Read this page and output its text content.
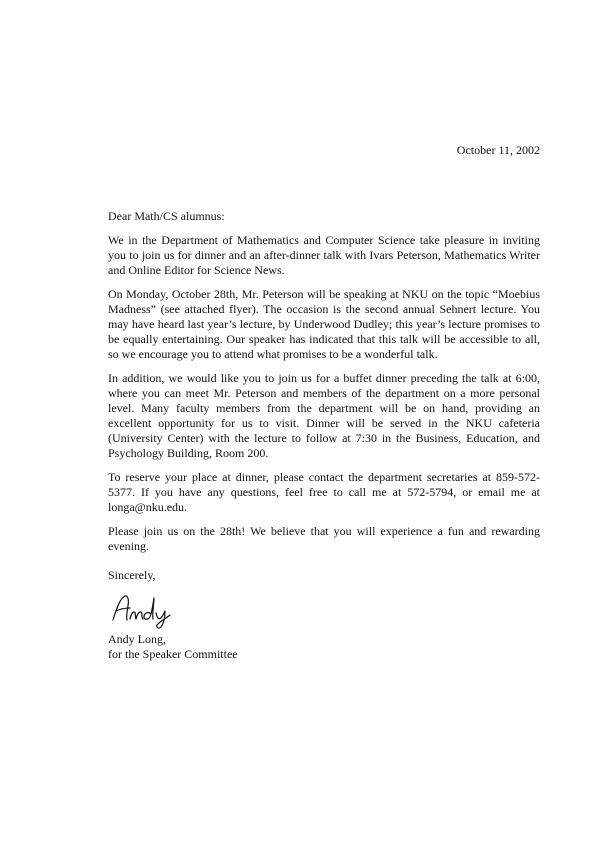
October 11, 2002

Dear Math/CS alumnus:

We in the Department of Mathematics and Computer Science take pleasure in inviting you to join us for dinner and an after-dinner talk with Ivars Peterson, Mathematics Writer and Online Editor for Science News.

On Monday, October 28th, Mr. Peterson will be speaking at NKU on the topic “Moebius Madness” (see attached flyer). The occasion is the second annual Sehnert lecture. You may have heard last year’s lecture, by Underwood Dudley; this year’s lecture promises to be equally entertaining. Our speaker has indicated that this talk will be accessible to all, so we encourage you to attend what promises to be a wonderful talk.

In addition, we would like you to join us for a buffet dinner preceding the talk at 6:00, where you can meet Mr. Peterson and members of the department on a more personal level. Many faculty members from the department will be on hand, providing an excellent opportunity for us to visit. Dinner will be served in the NKU cafeteria (University Center) with the lecture to follow at 7:30 in the Business, Education, and Psychology Building, Room 200.

To reserve your place at dinner, please contact the department secretaries at 859-572-5377. If you have any questions, feel free to call me at 572-5794, or email me at longa@nku.edu.

Please join us on the 28th! We believe that you will experience a fun and rewarding evening.

Sincerely,

Andy Long,
for the Speaker Committee
